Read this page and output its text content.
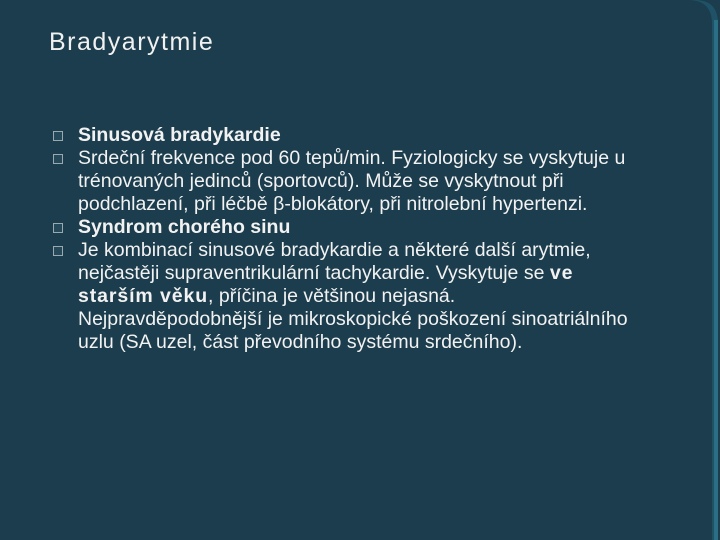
Bradyarytmie
Sinusová bradykardie
Srdeční frekvence pod 60 tepů/min. Fyziologicky se vyskytuje u trénovaných jedinců (sportovců). Může se vyskytnout při podchlazení, při léčbě β-blokátory, při nitrolební hypertenzi.
Syndrom chorého sinu
Je kombinací sinusové bradykardie a některé další arytmie, nejčastěji supraventrikulární tachykardie. Vyskytuje se ve starším věku, příčina je většinou nejasná. Nejpravděpodobnější je mikroskopické poškození sinoatriálního uzlu (SA uzel, část převodního systému srdečního).
